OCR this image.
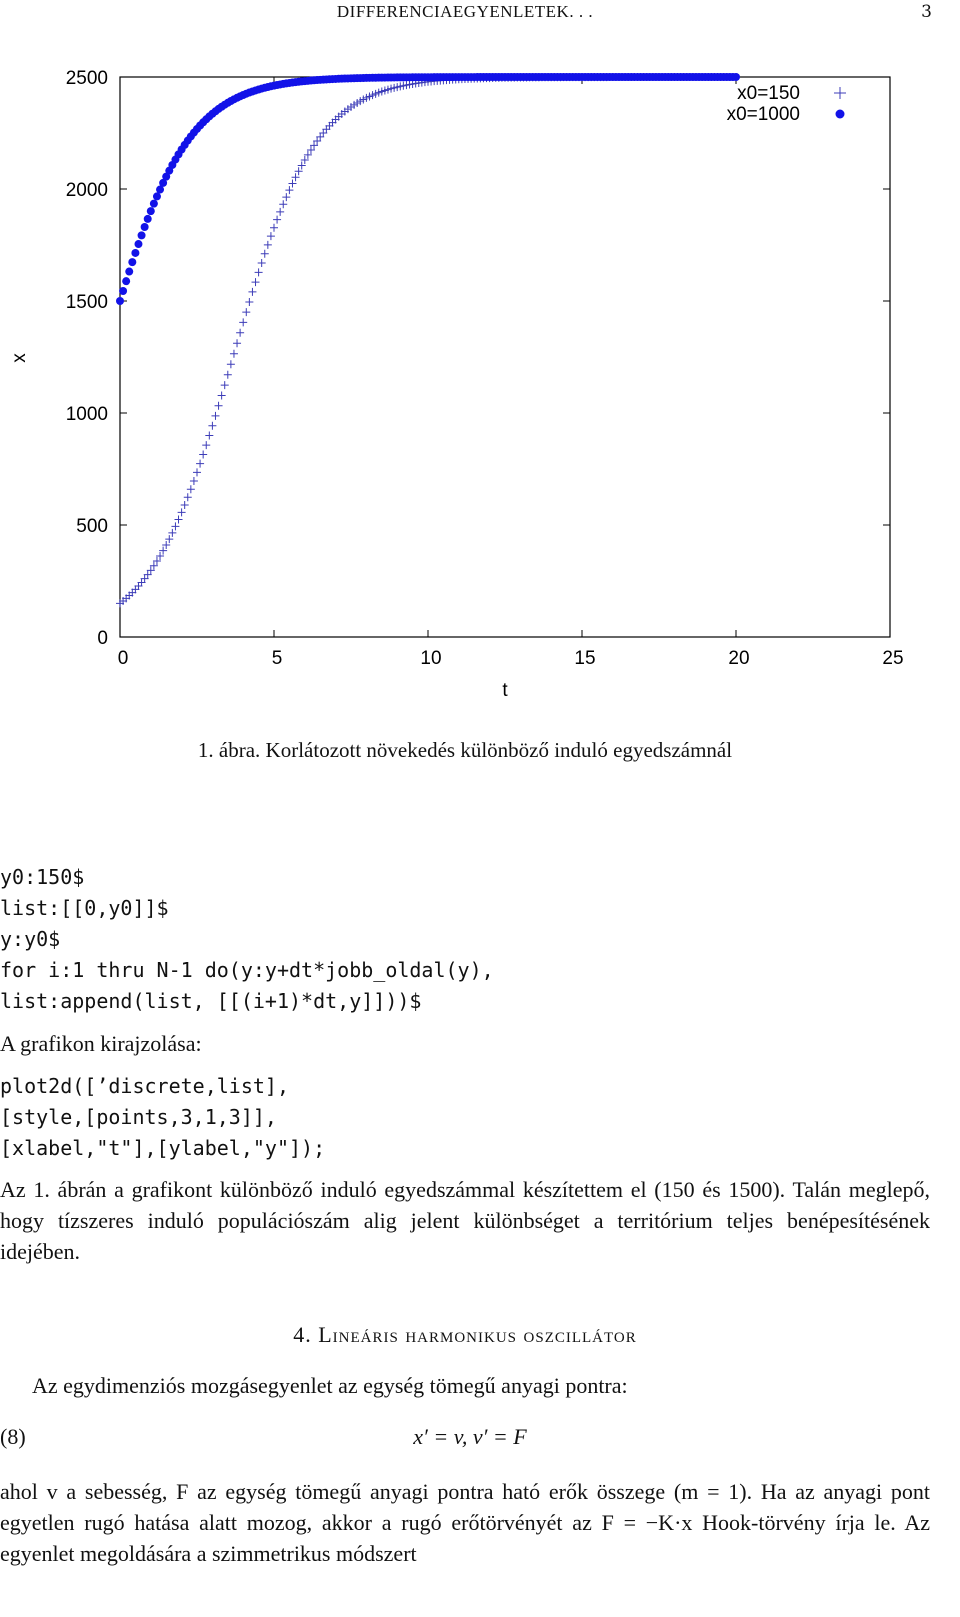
DIFFERENCIAEGYENLETEK. . .	3
0
500
1000
1500
2000
2500
0	5	10	15	20	25
x0=150
x0=1000
t
x
1. ábra. Korlátozott növekedés különböző induló egyedszámnál
y0:150$
list:[[0,y0]]$
y:y0$
for i:1 thru N-1 do(y:y+dt*jobb_oldal(y),
list:append(list, [[(i+1)*dt,y]]))$

A grafikon kirajzolása:

plot2d([’discrete,list],
[style,[points,3,1,3]],
[xlabel,"t"],[ylabel,"y"]);

Az 1. ábrán a grafikont különböző induló egyedszámmal készítettem el (150 és 1500). Talán meglepő, hogy tízszeres induló populációszám alig jelent különbséget a territórium teljes benépesítésének idejében.

4. Lineáris harmonikus oszcillátor

Az egydimenziós mozgásegyenlet az egység tömegű anyagi pontra:

(8)	x′ = v, v′ = F

ahol v a sebesség, F az egység tömegű anyagi pontra ható erők összege (m = 1). Ha az anyagi pont egyetlen rugó hatása alatt mozog, akkor a rugó erőtörvényét az F = −K·x Hook-törvény írja le. Az egyenlet megoldására a szimmetrikus módszert
